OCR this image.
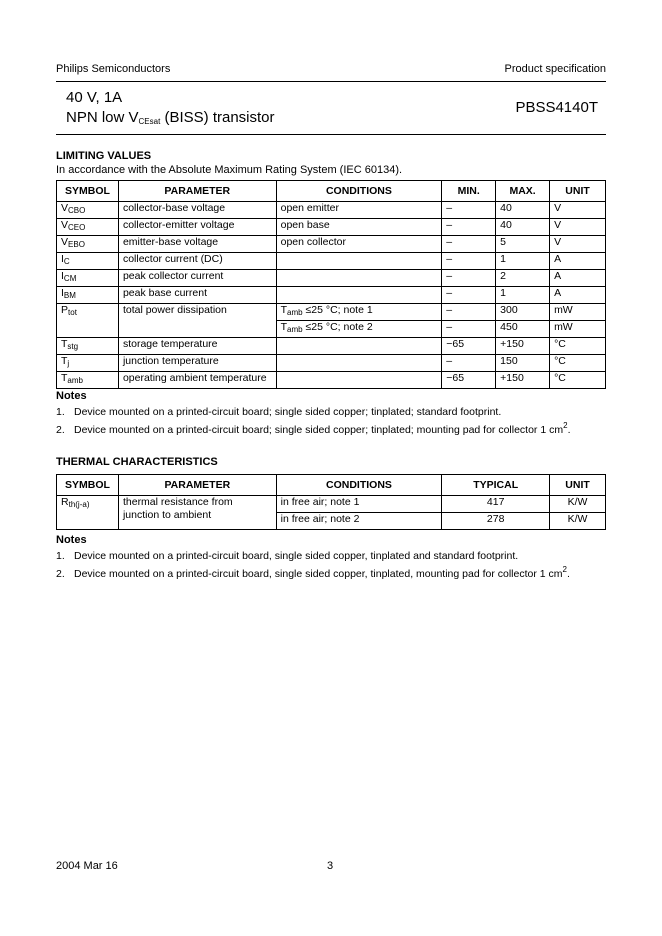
Philips Semiconductors	Product specification
40 V, 1A
NPN low $V_{CEsat}$ (BISS) transistor
PBSS4140T
LIMITING VALUES
In accordance with the Absolute Maximum Rating System (IEC 60134).
SYMBOL	PARAMETER	CONDITIONS	MIN.	MAX.	UNIT
$V_{CBO}$	collector-base voltage	open emitter	–	40	V
$V_{CEO}$	collector-emitter voltage	open base	–	40	V
$V_{EBO}$	emitter-base voltage	open collector	–	5	V
$I_C$	collector current (DC)		–	1	A
$I_{CM}$	peak collector current		–	2	A
$I_{BM}$	peak base current		–	1	A
$P_{tot}$	total power dissipation	$T_{amb} \le 25$ °C; note 1	–	300	mW
		$T_{amb} \le 25$ °C; note 2	–	450	mW
$T_{stg}$	storage temperature		−65	+150	°C
$T_j$	junction temperature		–	150	°C
$T_{amb}$	operating ambient temperature		−65	+150	°C
Notes
1. Device mounted on a printed-circuit board; single sided copper; tinplated; standard footprint.
2. Device mounted on a printed-circuit board; single sided copper; tinplated; mounting pad for collector 1 $cm^2$.
THERMAL CHARACTERISTICS
SYMBOL	PARAMETER	CONDITIONS	TYPICAL	UNIT
$R_{th(j-a)}$	thermal resistance from junction to ambient	in free air; note 1	417	K/W
		in free air; note 2	278	K/W
Notes
1. Device mounted on a printed-circuit board, single sided copper, tinplated and standard footprint.
2. Device mounted on a printed-circuit board, single sided copper, tinplated, mounting pad for collector 1 $cm^2$.
2004 Mar 16	3
